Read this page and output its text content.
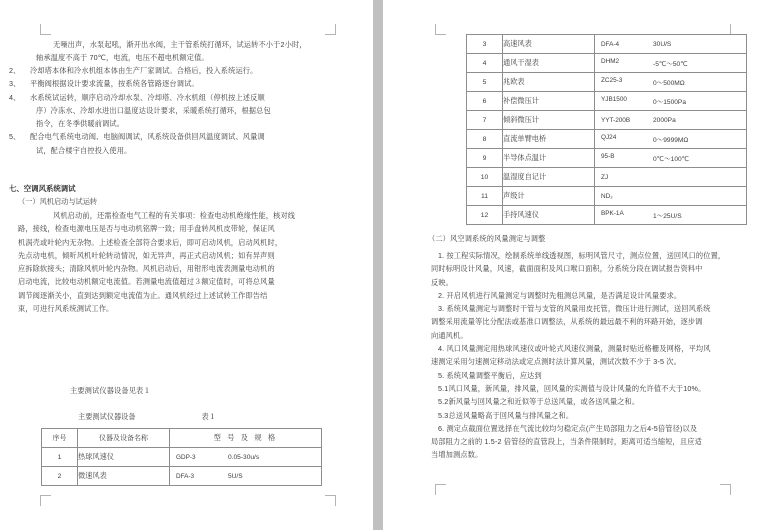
无噪出声，水泵起吼，渐开出水阀，主干管系统打循环，试运转不小于2小时，
轴承温度不高于 70℃，电流，电压不超电机额定值。
2、	冷却塔本体和冷水机组本体由生产厂家调试。合格后，投入系统运行。
3、	平衡阀根据设计要求流量，按系统各管路逐台调试。
4、	水系统试运转，顺序启动冷却水泵、冷却塔、冷水机组（停机按上述反顺
序）冷冻水、冷却水进出口温度达设计要求，采暖系统打循环，根据总包
指令，在冬季供暖前调试。
5、	配合电气系统电动阀、电脑阀调试，风系统设备供回风温度调试、风量调
试，配合楼宇自控投入使用。
七、空调风系统调试
（一）风机启动与试运转
风机启动前，还需检查电气工程的有关事项：检查电动机绝缘性能，核对线
路，接线，检查电源电压是否与电动机铭牌一致；用手盘转风机皮带轮，保证风
机涡壳或叶轮内无杂物。上述检查全部符合要求后，即可启动风机，启动风机时，
先点动电机，倾听风机叶轮转动情况，如无异声，再正式启动风机；如有异声则
应拆除软接头；清除风机叶轮内杂物。风机启动后，用钳形电流表测量电动机的
启动电流，比较电动机额定电流值。若测量电流值超过３额定值时，可将总风量
调节阀逐渐关小，直到达到额定电流值为止。通风机经过上述试转工作即告结
束，可进行风系统测试工作。
主要测试仪器设备见表１
主要测试仪器设备	表１
序号	仪器及设备名称	型 号 及 规 格
1	热球风速仪	GDP-3 0.05-30u/s

2	微速风表	DFA-3 5U/S
3	高速风表	DFA-4 30U/S

4	通风干湿表	DHM2 -5℃～50℃

5	兆欧表	ZC25-3 0～500MΩ

6	补偿微压计	YJB1500 0～1500Pa

7	倾斜微压计	YYT-200B 2000Pa

8	直流单臂电桥	QJ24 0～9999MΩ

9	半导体点温计	95-B 0℃～100℃

10	温湿度自记计	ZJ

11	声级计	ND₂

12	手持风速仪	BPK-1A 1～25U/S
（二）风空调系统的风量测定与调整
1. 按工程实际情况，绘制系统单线透视图，标明风管尺寸，测点位置，送回风口的位置，
同时标明设计风量，风速，截面面积及风口喉口面积，分系统分段在调试报告资料中
反映。
2. 开启风机进行风量测定与调整时先粗测总风量，是否满足设计风量要求。
3. 系统风量测定与调整时干管与支管的风量用皮托管，微压计进行测试，送回风系统
调整采用流量等比分配法或基准口调整法，从系统的最远最不利的环路开始，逐步调
向通风机。
4. 风口风量测定用热球风速仪或叶轮式风速仪测量，测量时贴近格栅及网格，平均风
速测定采用匀速测定移动法或定点测时法计算风量，测试次数不少于 3-5 次。
5. 系统风量调整平衡后，应达到
5.1风口风量，新风量，排风量，回风量的实测值与设计风量的允许值不大于10%。
5.2新风量与回风量之和近似等于总送风量，或各送风量之和。
5.3总送风量略高于回风量与排风量之和。
6. 测定点截面位置选择在气流比较均匀稳定点(产生局部阻力之后4-5倍管径)以及
局部阻力之前的 1.5-2 倍管径的直管段上，当条件限制时，距离可适当缩短，且应适
当增加测点数。
